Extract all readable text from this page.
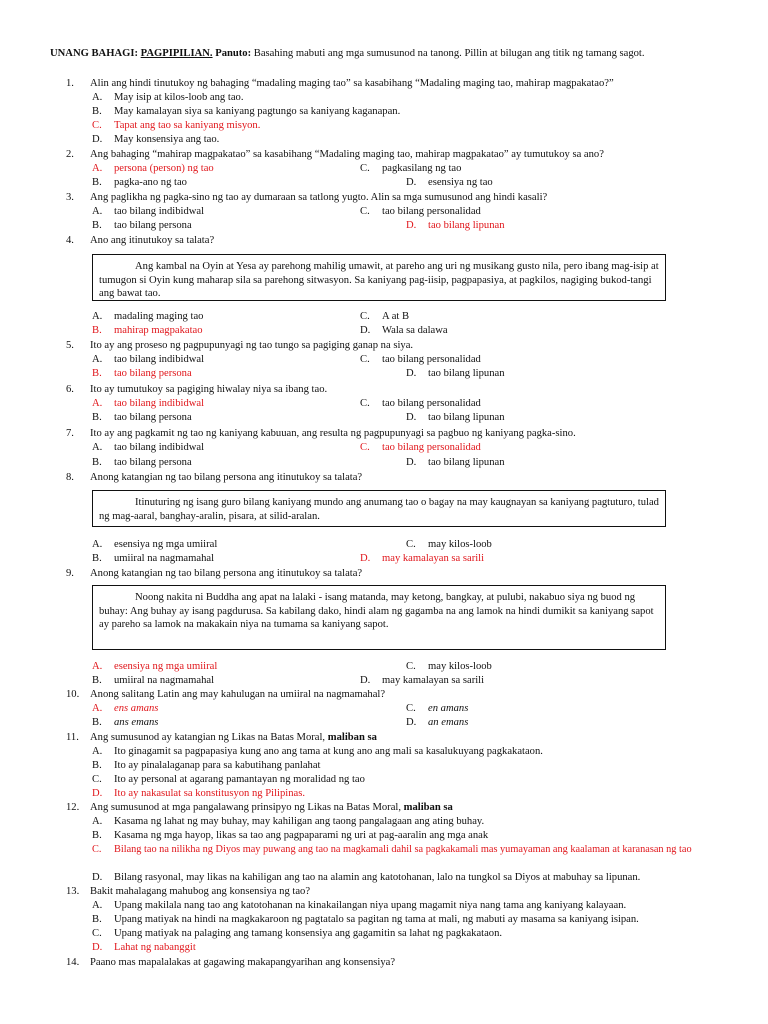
UNANG BAHAGI: PAGPIPILIAN. Panuto: Basahing mabuti ang mga sumusunod na tanong. Pillin at bilugan ang titik ng tamang sagot.
1. Alin ang hindi tinutukoy ng bahaging “madaling maging tao” sa kasabihang “Madaling maging tao, mahirap magpakatao?”
A. May isip at kilos-loob ang tao.
B. May kamalayan siya sa kaniyang pagtungo sa kaniyang kaganapan.
C. Tapat ang tao sa kaniyang misyon.
D. May konsensiya ang tao.
2. Ang bahaging “mahirap magpakatao” sa kasabihang “Madaling maging tao, mahirap magpakatao” ay tumutukoy sa ano?
A. persona (person) ng tao	C. pagkasilang ng tao
B. pagka-ano ng tao	D. esensiya ng tao
3. Ang paglikha ng pagka-sino ng tao ay dumaraan sa tatlong yugto. Alin sa mga sumusunod ang hindi kasali?
A. tao bilang indibidwal	C. tao bilang personalidad
B. tao bilang persona	D. tao bilang lipunan
4. Ano ang itinutukoy sa talata?

Ang kambal na Oyin at Yesa ay parehong mahilig umawit, at pareho ang uri ng musikang gusto nila, pero ibang mag-isip at tumugon si Oyin kung maharap sila sa parehong sitwasyon. Sa kaniyang pag-iisip, pagpapasiya, at pagkilos, nagiging bukod-tangi ang bawat tao.

A. madaling maging tao	C. A at B
B. mahirap magpakatao	D. Wala sa dalawa
5. Ito ay ang proseso ng pagpupunyagi ng tao tungo sa pagiging ganap na siya.
A. tao bilang indibidwal	C. tao bilang personalidad
B. tao bilang persona	D. tao bilang lipunan
6. Ito ay tumutukoy sa pagiging hiwalay niya sa ibang tao.
A. tao bilang indibidwal	C. tao bilang personalidad
B. tao bilang persona	D. tao bilang lipunan
7. Ito ay ang pagkamit ng tao ng kaniyang kabuuan, ang resulta ng pagpupunyagi sa pagbuo ng kaniyang pagka-sino.
A. tao bilang indibidwal	C. tao bilang personalidad
B. tao bilang persona	D. tao bilang lipunan
8. Anong katangian ng tao bilang persona ang itinutukoy sa talata?

Itinuturing ng isang guro bilang kaniyang mundo ang anumang tao o bagay na may kaugnayan sa kaniyang pagtuturo, tulad ng mag-aaral, banghay-aralin, pisara, at silid-aralan.

A. esensiya ng mga umiiral	C. may kilos-loob
B. umiiral na nagmamahal	D. may kamalayan sa sarili
9. Anong katangian ng tao bilang persona ang itinutukoy sa talata?

Noong nakita ni Buddha ang apat na lalaki - isang matanda, may ketong, bangkay, at pulubi, nakabuo siya ng buod ng buhay: Ang buhay ay isang pagdurusa. Sa kabilang dako, hindi alam ng gagamba na ang lamok na hindi dumikit sa kaniyang sapot ay pareho sa lamok na makakain niya na tumama sa kaniyang sapot.

A. esensiya ng mga umiiral	C. may kilos-loob
B. umiiral na nagmamahal	D. may kamalayan sa sarili
10. Anong salitang Latin ang may kahulugan na umiiral na nagmamahal?
A. ens amans	C. en amans
B. ans emans	D. an emans
11. Ang sumusunod ay katangian ng Likas na Batas Moral, maliban sa
A. Ito ginagamit sa pagpapasiya kung ano ang tama at kung ano ang mali sa kasalukuyang pagkakataon.
B. Ito ay pinalalaganap para sa kabutihang panlahat
C. Ito ay personal at agarang pamantayan ng moralidad ng tao
D. Ito ay nakasulat sa konstitusyon ng Pilipinas.
12. Ang sumusunod at mga pangalawang prinsipyo ng Likas na Batas Moral, maliban sa
A. Kasama ng lahat ng may buhay, may kahiligan ang taong pangalagaan ang ating buhay.
B. Kasama ng mga hayop, likas sa tao ang pagpaparami ng uri at pag-aaralin ang mga anak
C. Bilang tao na nilikha ng Diyos may puwang ang tao na magkamali dahil sa pagkakamali mas yumayaman ang kaalaman at karanasan ng tao
D. Bilang rasyonal, may likas na kahiligan ang tao na alamin ang katotohanan, lalo na tungkol sa Diyos at mabuhay sa lipunan.
13. Bakit mahalagang mahubog ang konsensiya ng tao?
A. Upang makilala nang tao ang katotohanan na kinakailangan niya upang magamit niya nang tama ang kaniyang kalayaan.
B. Upang matiyak na hindi na magkakaroon ng pagtatalo sa pagitan ng tama at mali, ng mabuti ay masama sa kaniyang isipan.
C. Upang matiyak na palaging ang tamang konsensiya ang gagamitin sa lahat ng pagkakataon.
D. Lahat ng nabanggit
14. Paano mas mapalalakas at gagawing makapangyarihan ang konsensiya?
